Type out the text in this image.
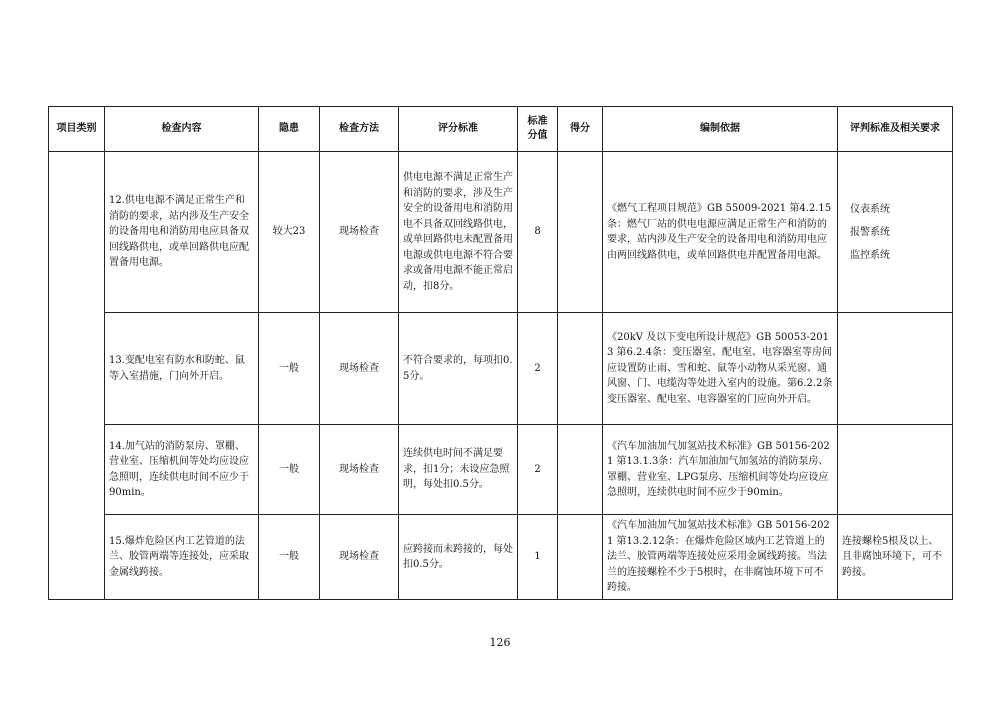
项目类别	检查内容	隐患	检查方法	评分标准	标准
分值	得分	编制依据	评判标准及相关要求
	12.供电电源不满足正常生产和消防的要求，站内涉及生产安全的设备用电和消防用电应具备双回线路供电，或单回路供电应配置备用电源。	较大23	现场检查	供电电源不满足正常生产和消防的要求，涉及生产安全的设备用电和消防用电不具备双回线路供电，或单回路供电未配置备用电源或供电电源不符合要求或备用电源不能正常启动，扣8分。	8		《燃气工程项目规范》GB 55009-2021 第4.2.15条：燃气厂站的供电电源应满足正常生产和消防的要求，站内涉及生产安全的设备用电和消防用电应由两回线路供电，或单回路供电并配置备用电源。	仪表系统
报警系统
监控系统

	13.变配电室有防水和防蛇、鼠等入室措施，门向外开启。	一般	现场检查	不符合要求的，每项扣0.5分。	2		《20kV 及以下变电所设计规范》GB 50053-2013 第6.2.4条：变压器室、配电室、电容器室等房间应设置防止雨、雪和蛇、鼠等小动物从采光窗、通风窗、门、电缆沟等处进入室内的设施。第6.2.2条变压器室、配电室、电容器室的门应向外开启。	
	14.加气站的消防泵房、罩棚、营业室、压缩机间等处均应设应急照明，连续供电时间不应少于90min。	一般	现场检查	连续供电时间不满足要求，扣1分；未设应急照明，每处扣0.5分。	2		《汽车加油加气加氢站技术标准》GB 50156-2021 第13.1.3条：汽车加油加气加氢站的消防泵房、罩棚、营业室、LPG泵房、压缩机间等处均应设应急照明，连续供电时间不应少于90min。	
	15.爆炸危险区内工艺管道的法兰、胶管两端等连接处，应采取金属线跨接。	一般	现场检查	应跨接而未跨接的，每处扣0.5分。	1		《汽车加油加气加氢站技术标准》GB 50156-2021 第13.2.12条：在爆炸危险区域内工艺管道上的法兰、胶管两端等连接处应采用金属线跨接。当法兰的连接螺栓不少于5根时，在非腐蚀环境下可不跨接。	连接螺栓5根及以上、且非腐蚀环境下，可不跨接。
126
